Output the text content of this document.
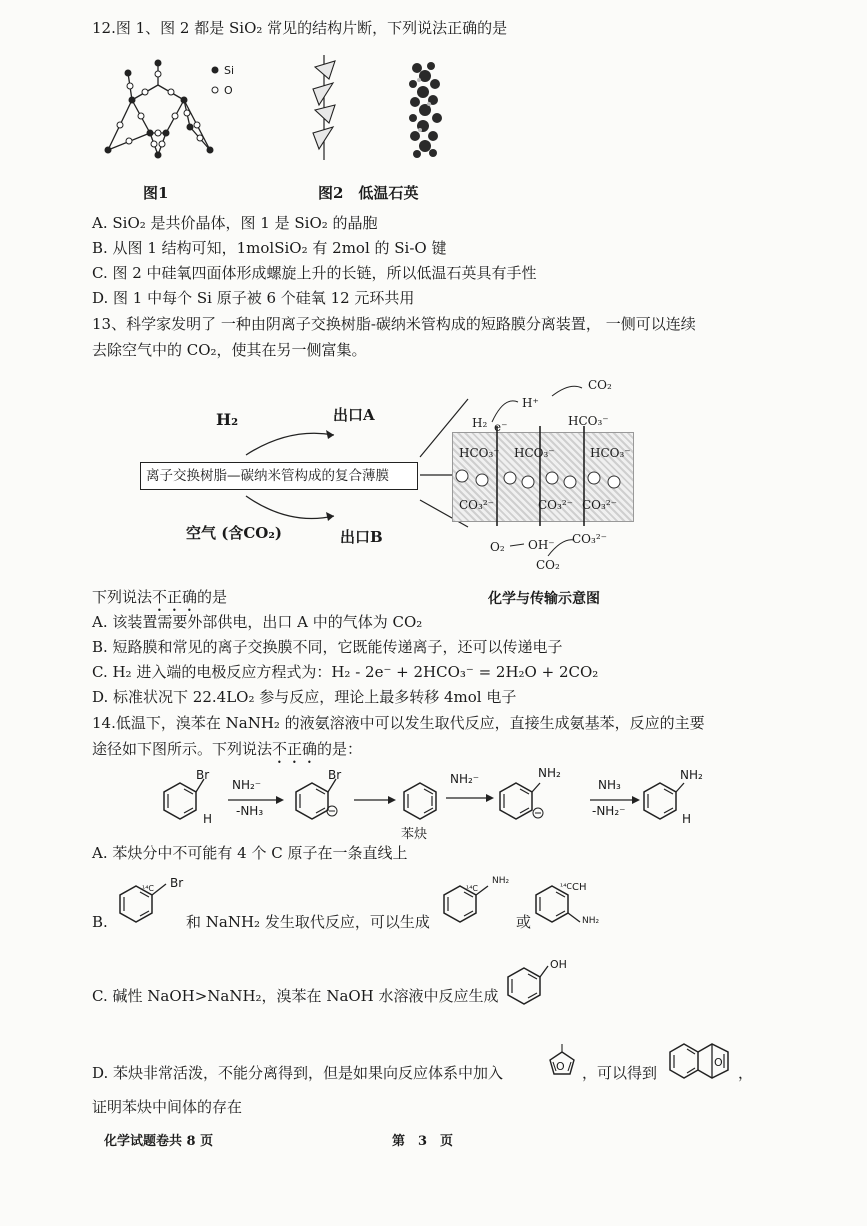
12.图 1、图 2 都是 SiO₂ 常见的结构片断，下列说法正确的是
Si
O
图1	图2　低温石英
A. SiO₂ 是共价晶体，图 1 是 SiO₂ 的晶胞
B. 从图 1 结构可知，1molSiO₂ 有 2mol 的 Si-O 键
C. 图 2 中硅氧四面体形成螺旋上升的长链，所以低温石英具有手性
D. 图 1 中每个 Si 原子被 6 个硅氧 12 元环共用
13、科学家发明了 一种由阴离子交换树脂-碳纳米管构成的短路膜分离装置， 一侧可以连续
去除空气中的 CO₂，使其在另一侧富集。
H₂	出口A
离子交换树脂—碳纳米管构成的复合薄膜
空气 (含CO₂)	出口B
H₂ e⁻
H⁺
CO₂
HCO₃⁻
HCO₃⁻ HCO₃⁻	HCO₃⁻
CO₃²⁻	CO₃²⁻ CO₃²⁻
O₂ OH⁻
CO₂
CO₃²⁻
化学与传输示意图
下列说法不正确的是
A. 该装置需要外部供电，出口 A 中的气体为 CO₂
B. 短路膜和常见的离子交换膜不同，它既能传递离子，还可以传递电子
C. H₂ 进入端的电极反应方程式为：H₂ - 2e⁻ + 2HCO₃⁻ = 2H₂O + 2CO₂
D. 标准状况下 22.4LO₂ 参与反应，理论上最多转移 4mol 电子
14.低温下，溴苯在 NaNH₂ 的液氨溶液中可以发生取代反应，直接生成氨基苯，反应的主要
途径如下图所示。下列说法不正确的是：
Br
H
NH₂⁻
-NH₃
Br
苯炔
NH₂⁻	NH₂
NH₃
-NH₂⁻
NH₂
H
A. 苯炔分中不可能有 4 个 C 原子在一条直线上
B.
Br
¹⁴C
和 NaNH₂ 发生取代反应，可以生成
NH₂
¹⁴C
或
¹⁴C CH
NH₂
C. 碱性 NaOH>NaNH₂，溴苯在 NaOH 水溶液中反应生成
OH
D. 苯炔非常活泼，不能分离得到，但是如果向反应体系中加入	O ，可以得到
O
，
证明苯炔中间体的存在
化学试题卷共 8 页	第　3　页
